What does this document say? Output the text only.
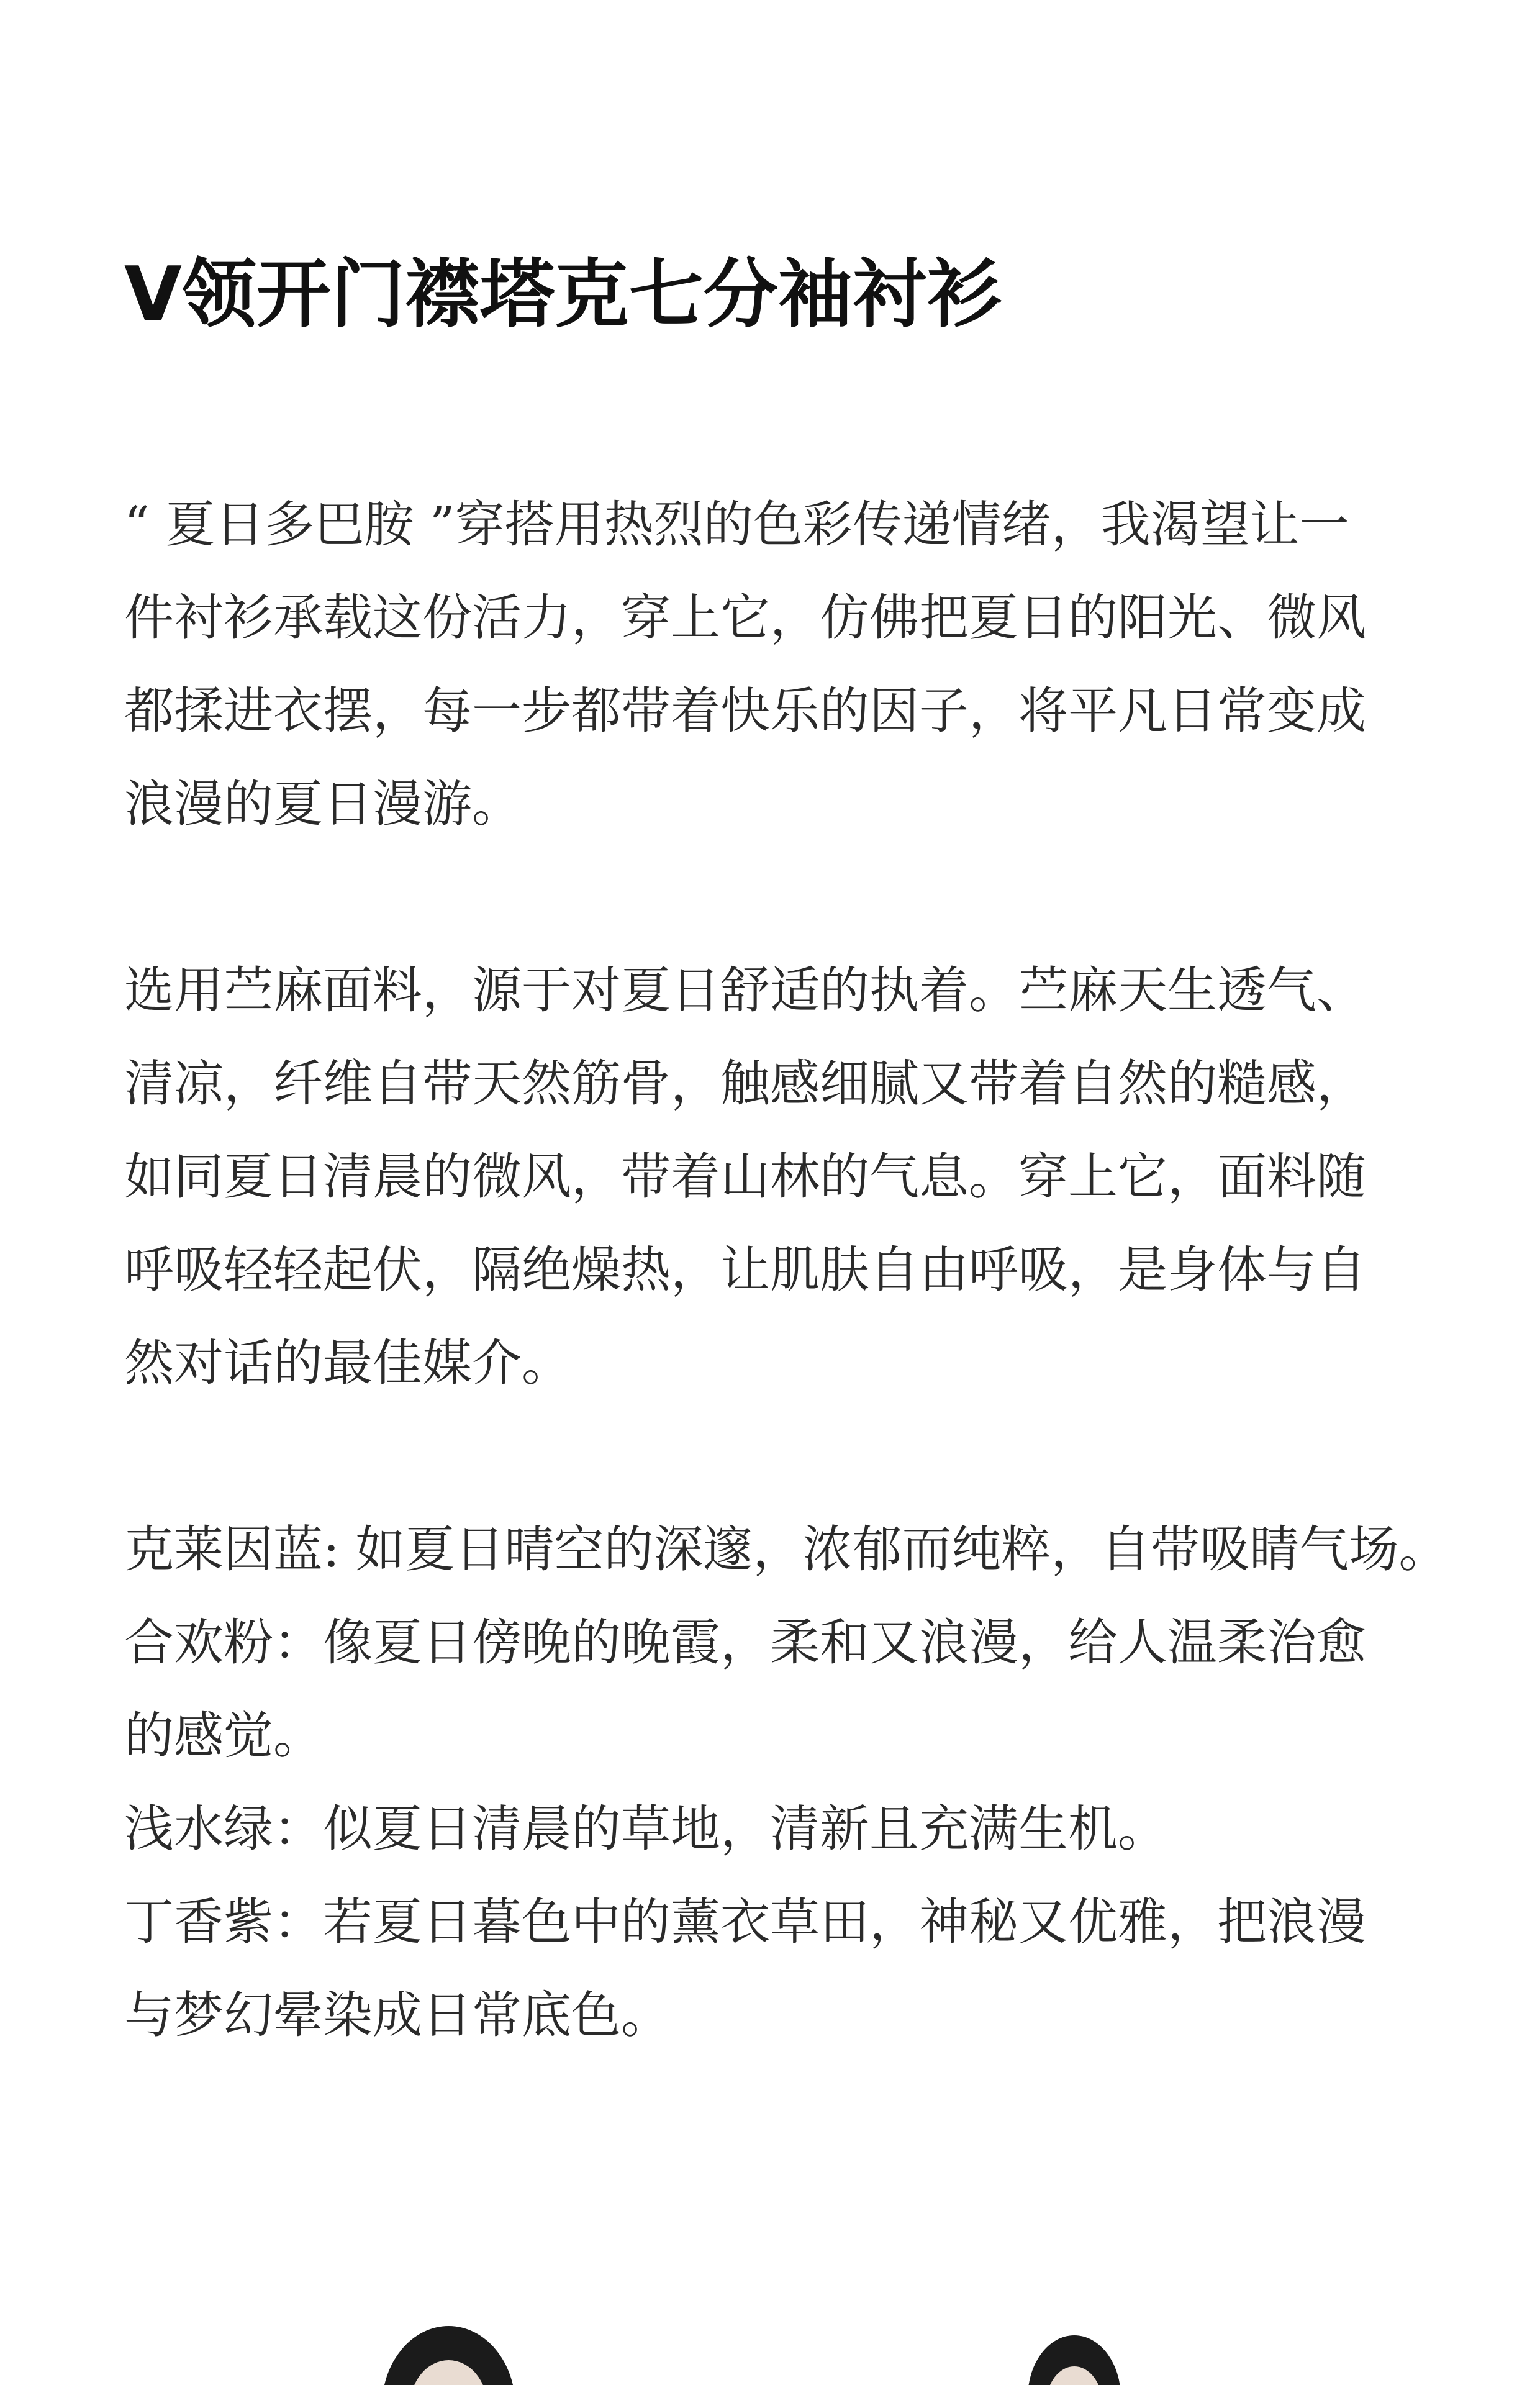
V领开门襟塔克七分袖衬衫

“ 夏日多巴胺 ”穿搭用热烈的色彩传递情绪，我渴望让一
件衬衫承载这份活力，穿上它，仿佛把夏日的阳光、微风
都揉进衣摆，每一步都带着快乐的因子，将平凡日常变成
浪漫的夏日漫游。

选用苎麻面料，源于对夏日舒适的执着。苎麻天生透气、
清凉，纤维自带天然筋骨，触感细腻又带着自然的糙感，
如同夏日清晨的微风，带着山林的气息。穿上它，面料随
呼吸轻轻起伏，隔绝燥热，让肌肤自由呼吸，是身体与自
然对话的最佳媒介。

克莱因蓝: 如夏日晴空的深邃，浓郁而纯粹，自带吸睛气场。
合欢粉：像夏日傍晚的晚霞，柔和又浪漫，给人温柔治愈
的感觉。
浅水绿：似夏日清晨的草地，清新且充满生机。
丁香紫：若夏日暮色中的薰衣草田，神秘又优雅，把浪漫
与梦幻晕染成日常底色。
